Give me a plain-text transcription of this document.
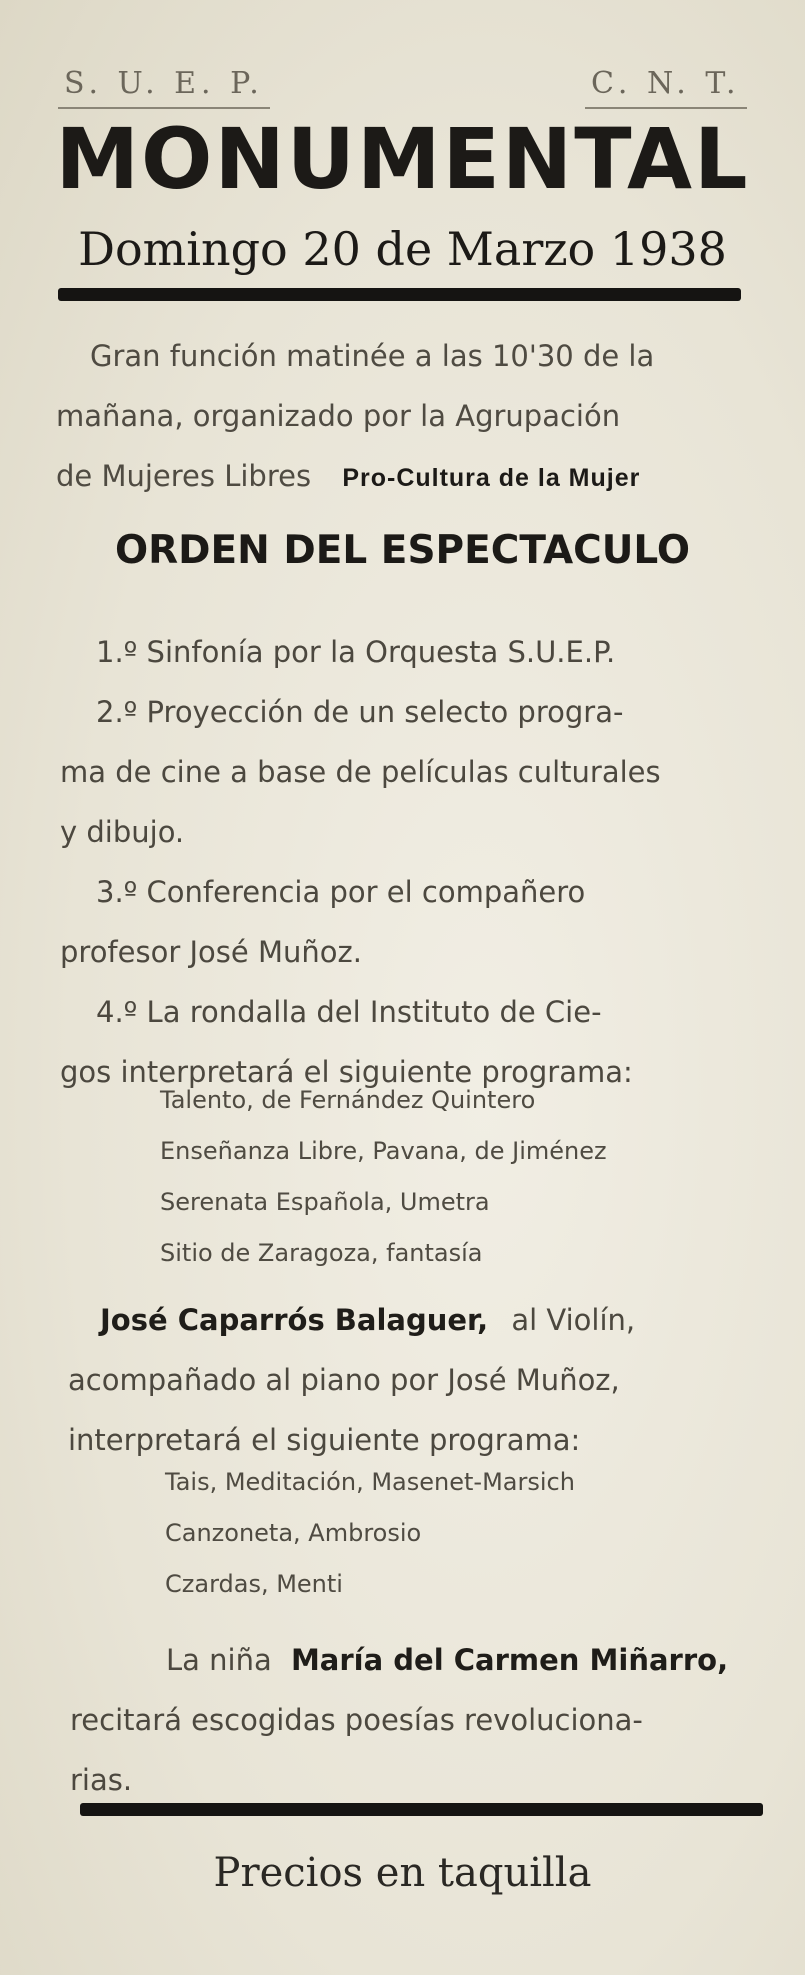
S. U. E. P.	C. N. T.
MONUMENTAL
Domingo 20 de Marzo 1938
Gran función matinée a las 10'30 de la
mañana, organizado por la Agrupación
de Mujeres Libres Pro-Cultura de la Mujer
ORDEN DEL ESPECTACULO
1.º Sinfonía por la Orquesta S.U.E.P.
2.º Proyección de un selecto progra-
ma de cine a base de películas culturales
y dibujo.
3.º Conferencia por el compañero
profesor José Muñoz.
4.º La rondalla del Instituto de Cie-
gos interpretará el siguiente programa:
Talento, de Fernández Quintero
Enseñanza Libre, Pavana, de Jiménez
Serenata Española, Umetra
Sitio de Zaragoza, fantasía
José Caparrós Balaguer, al Violín,
acompañado al piano por José Muñoz,
interpretará el siguiente programa:
Tais, Meditación, Masenet-Marsich
Canzoneta, Ambrosio
Czardas, Menti
La niña María del Carmen Miñarro,
recitará escogidas poesías revoluciona-
rias.
Precios en taquilla
